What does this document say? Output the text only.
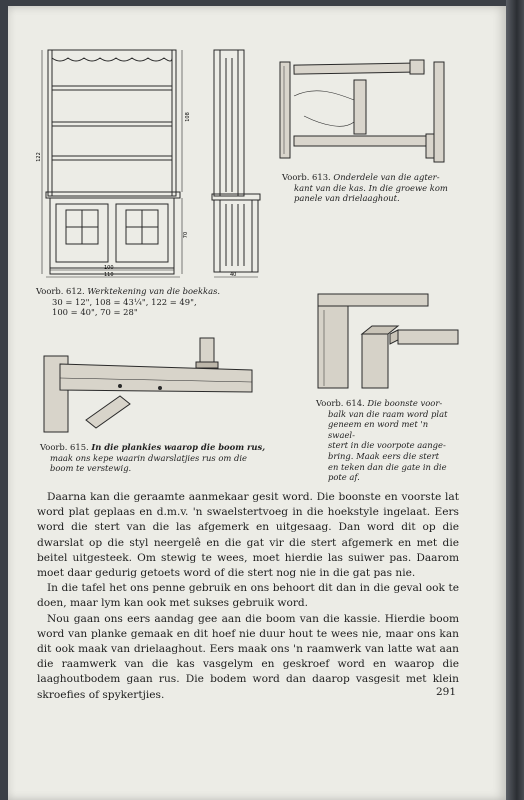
108
122
70
100
110	40
Voorb. 612. Werktekening van die boekkas.
30 = 12", 108 = 43¼", 122 = 49",
100 = 40", 70 = 28"
Voorb. 613. Onderdele van die agter-
kant van die kas. In die groewe kom
panele van drielaaghout.
Voorb. 614. Die boonste voor-
balk van die raam word plat
geneem en word met 'n swael-
stert in die voorpote aange-
bring. Maak eers die stert
en teken dan die gate in die
pote af.
Voorb. 615. In die plankies waarop die boom rus,
maak ons kepe waarin dwarslatjies rus om die
boom te verstewig.

Daarna kan die geraamte aanmekaar gesit word. Die boonste en voorste lat word plat geplaas en d.m.v. 'n swaelstertvoeg in die hoekstyle ingelaat. Eers word die stert van die las afgemerk en uitgesaag. Dan word dit op die dwarslat op die styl neergelê en die gat vir die stert afgemerk en met die beitel uitgesteek. Om stewig te wees, moet hierdie las suiwer pas. Daarom moet daar gedurig getoets word of die stert nog nie in die gat pas nie.

In die tafel het ons penne gebruik en ons behoort dit dan in die geval ook te doen, maar lym kan ook met sukses gebruik word.

Nou gaan ons eers aandag gee aan die boom van die kassie. Hierdie boom word van planke gemaak en dit hoef nie duur hout te wees nie, maar ons kan dit ook maak van drielaaghout. Eers maak ons 'n raamwerk van latte wat aan die raamwerk van die kas vasgelym en geskroef word en waarop die laaghoutbodem gaan rus. Die bodem word dan daarop vasgesit met klein skroefies of spykertjies.	291
